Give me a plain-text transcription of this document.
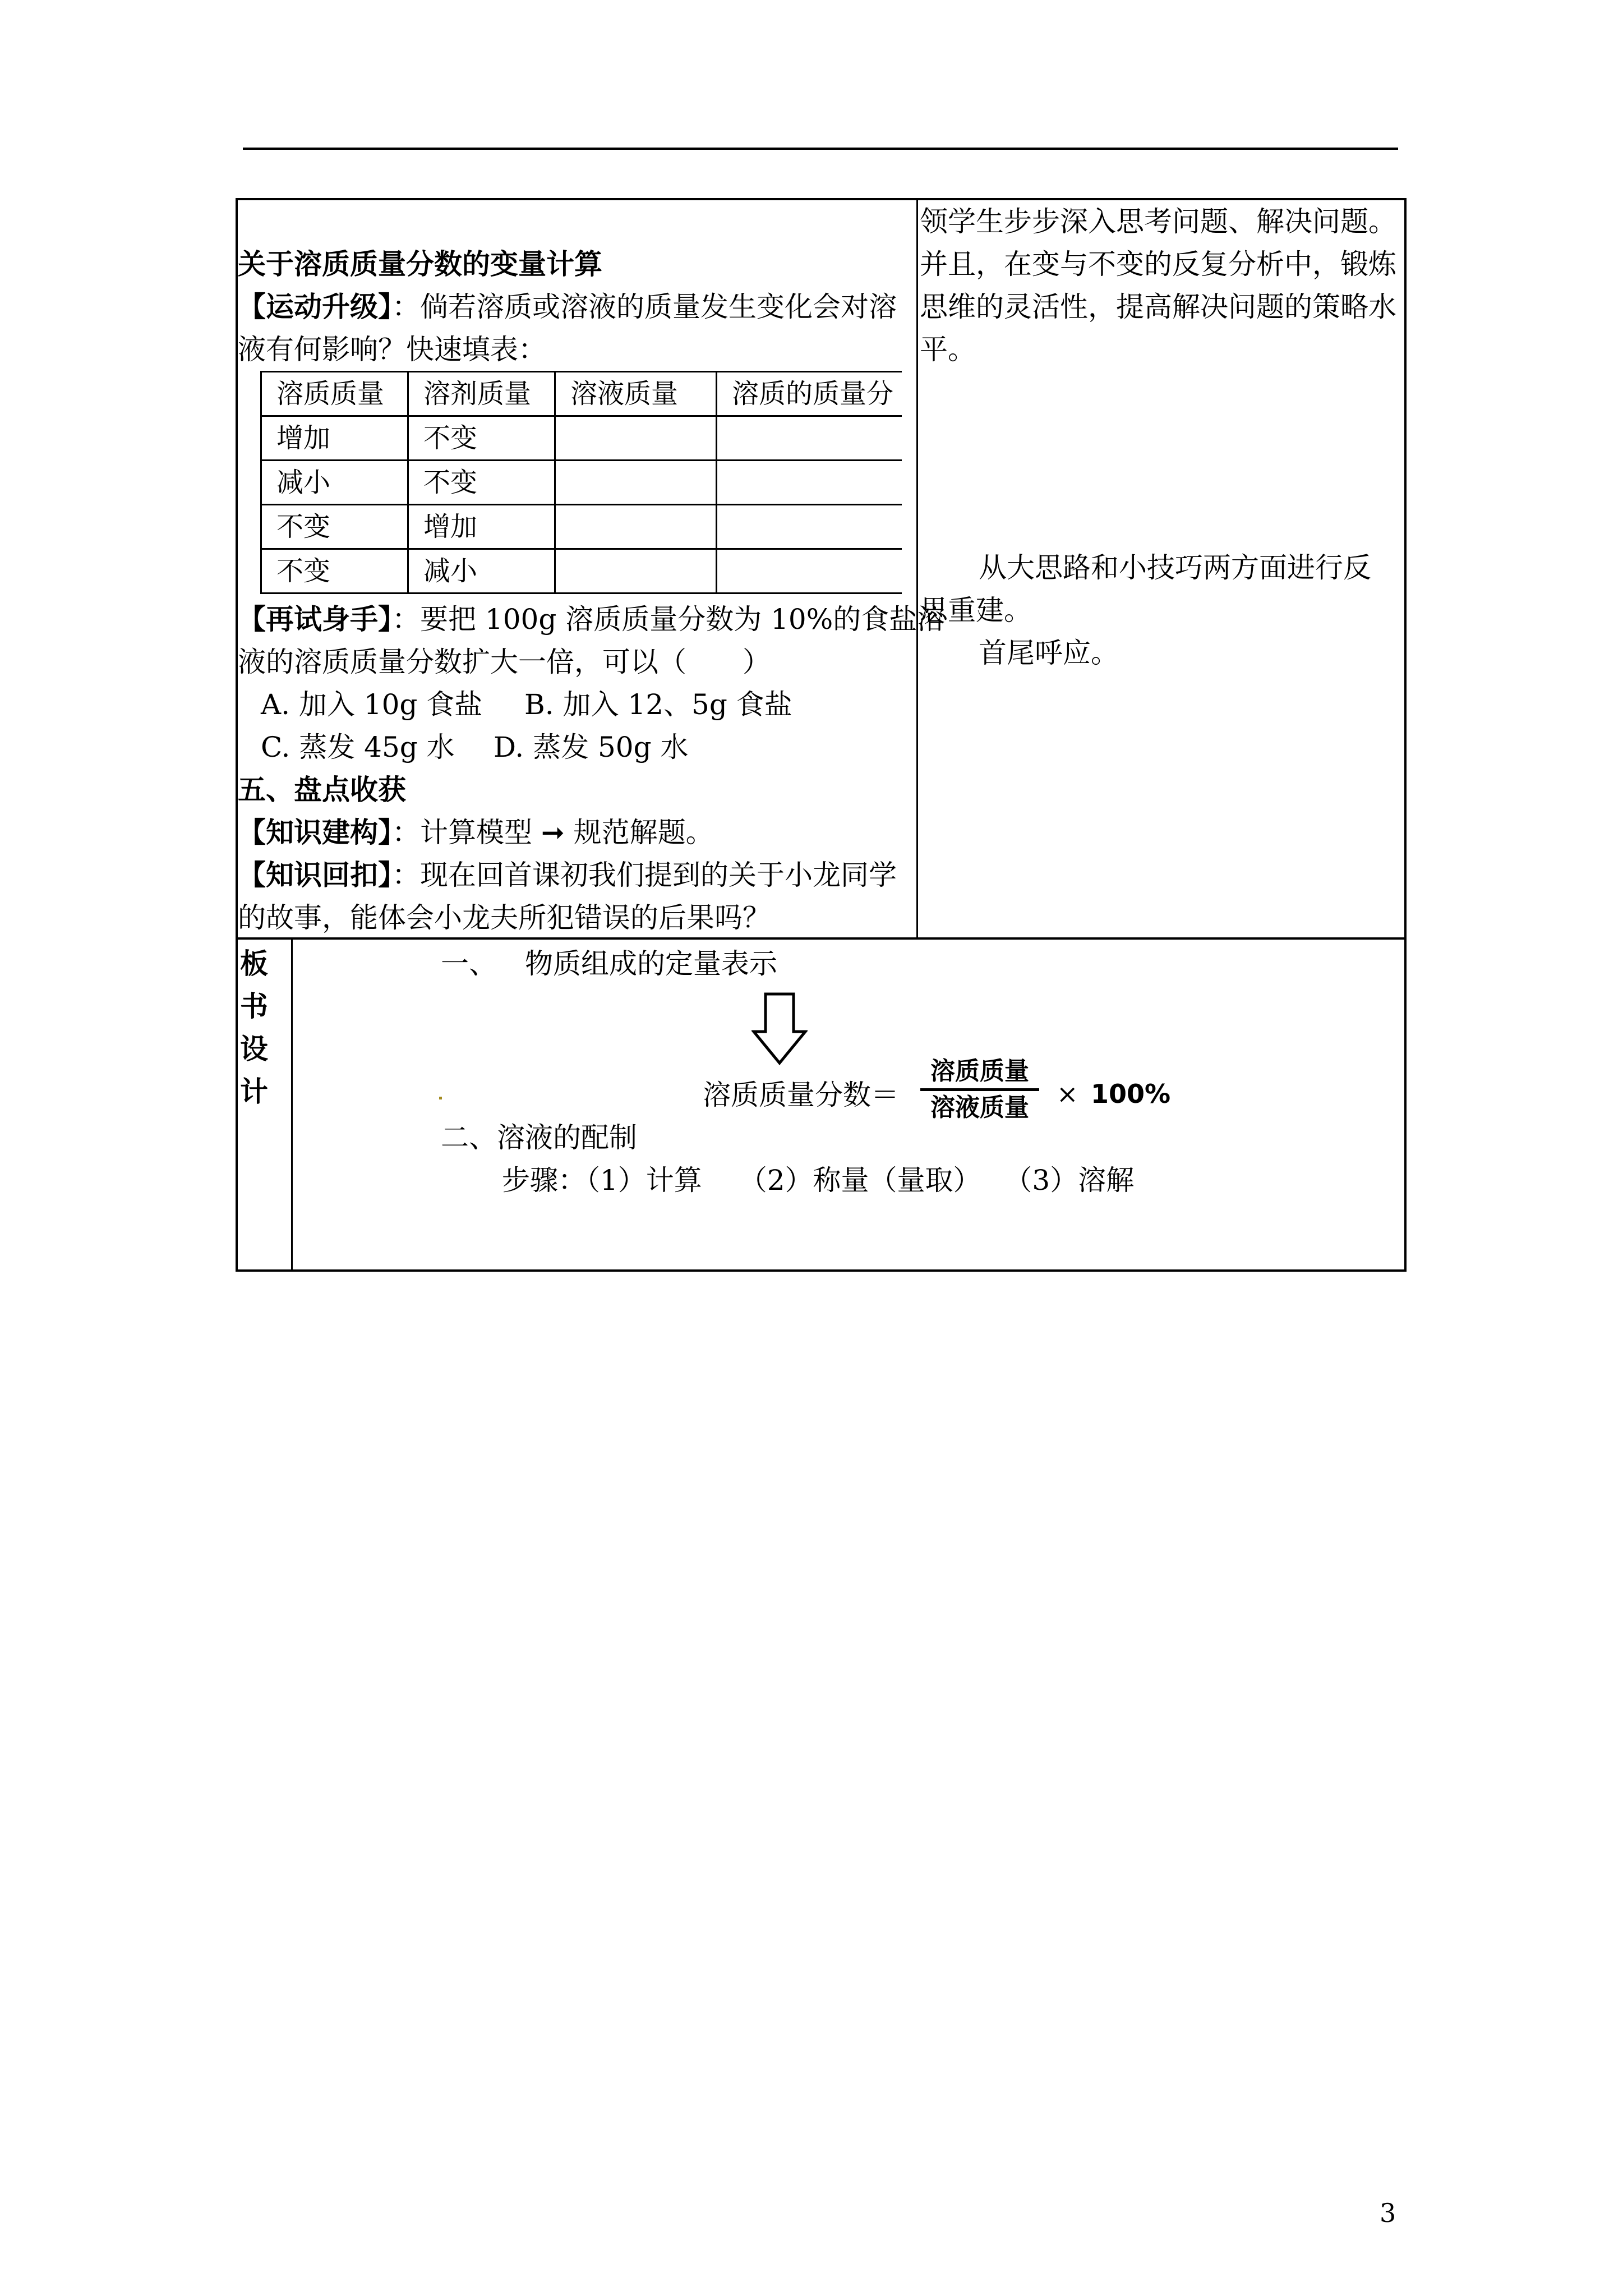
关于溶质质量分数的变量计算
【运动升级】：倘若溶质或溶液的质量发生变化会对溶
液有何影响？快速填表：
溶质质量	溶剂质量	溶液质量	溶质的质量分
增加	不变		
减小	不变		
不变	增加		
不变	减小		
【再试身手】：要把 100g 溶质质量分数为 10%的食盐溶
液的溶质质量分数扩大一倍，可以（　　）
A. 加入 10g 食盐 B. 加入 12、5g 食盐
C. 蒸发 45g 水 D. 蒸发 50g 水
五、盘点收获
【知识建构】：计算模型 ➞ 规范解题。
【知识回扣】：现在回首课初我们提到的关于小龙同学
的故事，能体会小龙夫所犯错误的后果吗？
领学生步步深入思考问题、解决问题。
并且，在变与不变的反复分析中，锻炼
思维的灵活性，提高解决问题的策略水
平。
从大思路和小技巧两方面进行反
思重建。
首尾呼应。
板
书
设
计
一、 物质组成的定量表示
溶质质量分数＝
溶质质量
溶液质量	× 100%
二、溶液的配制
步骤：（1）计算　 （2）称量（量取）　 （3）溶解
3
